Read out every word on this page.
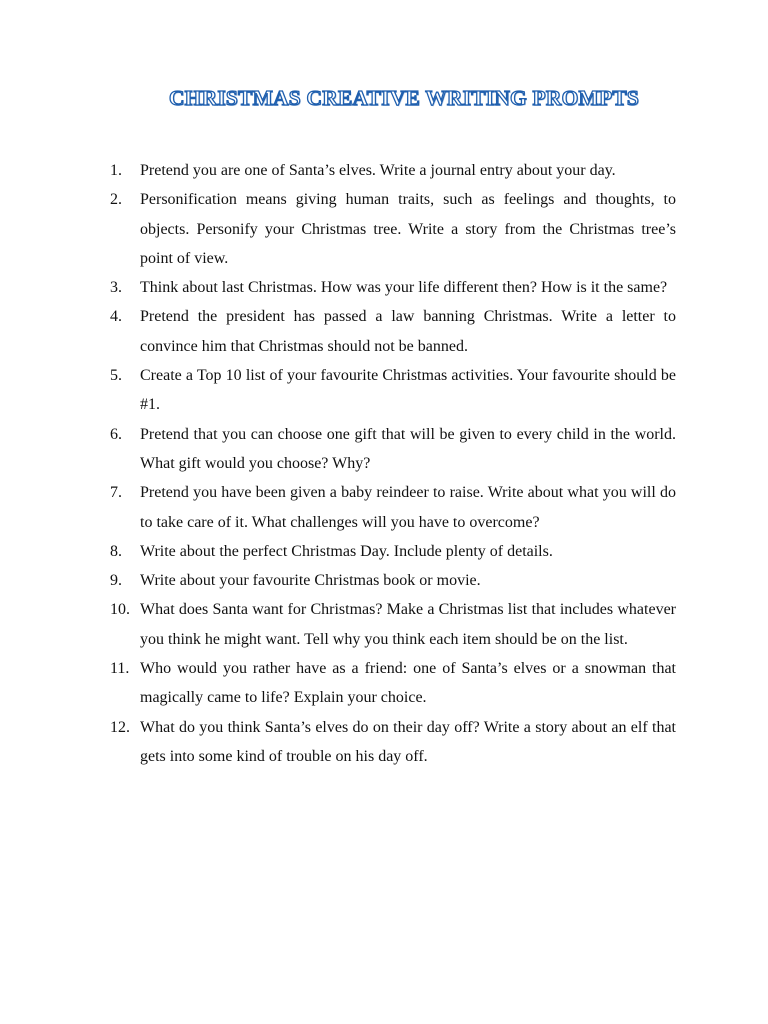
CHRISTMAS CREATIVE WRITING PROMPTS
1. Pretend you are one of Santa’s elves. Write a journal entry about your day.
2. Personification means giving human traits, such as feelings and thoughts, to objects. Personify your Christmas tree. Write a story from the Christmas tree’s point of view.
3. Think about last Christmas. How was your life different then? How is it the same?
4. Pretend the president has passed a law banning Christmas. Write a letter to convince him that Christmas should not be banned.
5. Create a Top 10 list of your favourite Christmas activities. Your favourite should be #1.
6. Pretend that you can choose one gift that will be given to every child in the world. What gift would you choose? Why?
7. Pretend you have been given a baby reindeer to raise. Write about what you will do to take care of it. What challenges will you have to overcome?
8. Write about the perfect Christmas Day. Include plenty of details.
9. Write about your favourite Christmas book or movie.
10. What does Santa want for Christmas? Make a Christmas list that includes whatever you think he might want. Tell why you think each item should be on the list.
11. Who would you rather have as a friend: one of Santa’s elves or a snowman that magically came to life? Explain your choice.
12. What do you think Santa’s elves do on their day off? Write a story about an elf that gets into some kind of trouble on his day off.
